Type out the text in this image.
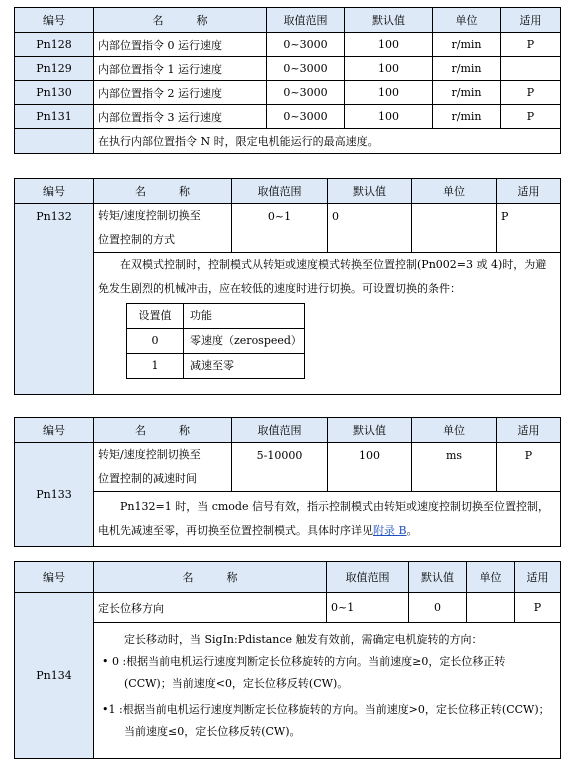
编号	名　　　称	取值范围	默认值	单位	适用
Pn128	内部位置指令 0 运行速度	0~3000	100	r/min	P
Pn129	内部位置指令 1 运行速度	0~3000	100	r/min	
Pn130	内部位置指令 2 运行速度	0~3000	100	r/min	P
Pn131	内部位置指令 3 运行速度	0~3000	100	r/min	P
	在执行内部位置指令 N 时，限定电机能运行的最高速度。				
编号	名　　　称	取值范围	默认值	单位	适用
Pn132	转矩/速度控制切换至
位置控制的方式	0~1	0		P
在双模式控制时，控制模式从转矩或速度模式转换至位置控制(Pn002=3 或 4)时，为避免发生剧烈的机械冲击，应在较低的速度时进行切换。可设置切换的条件：
设置值	功能
0	零速度（zerospeed）
1	减速至零
编号	名　　　称	取值范围	默认值	单位	适用
Pn133	转矩/速度控制切换至
位置控制的减速时间	5-10000	100	ms	P
	Pn132=1 时，当 cmode 信号有效，指示控制模式由转矩或速度控制切换至位置控制，电机先减速至零，再切换至位置控制模式。具体时序详见附录 B。				
编号	名　　　称	取值范围	默认值	单位	适用
Pn134	定长位移方向	0~1	0		P

	定长移动时，当 SigIn:Pdistance 触发有效前，需确定电机旋转的方向：
• 0 :根据当前电机运行速度判断定长位移旋转的方向。当前速度≥0，定长位移正转
(CCW)；当前速度<0，定长位移反转(CW)。
•1 :根据当前电机运行速度判断定长位移旋转的方向。当前速度>0，定长位移正转(CCW)；
当前速度≤0，定长位移反转(CW)。				
